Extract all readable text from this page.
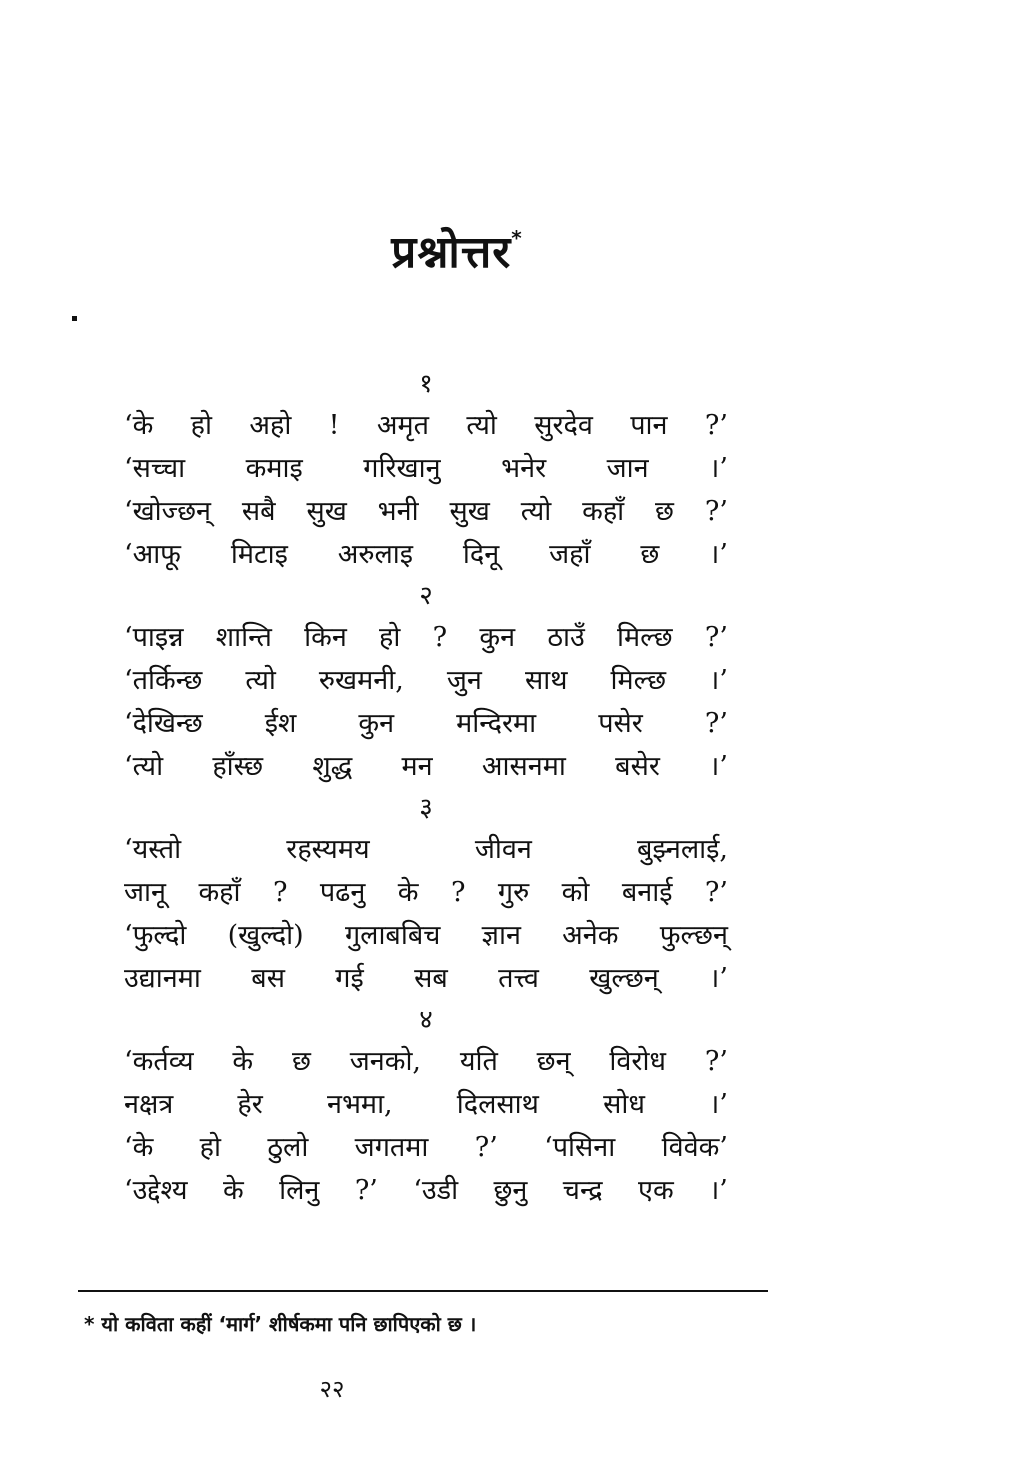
प्रश्नोत्तर*
१
‘के हो अहो ! अमृत त्यो सुरदेव पान ?’
‘सच्चा कमाइ गरिखानु भनेर जान ।’
‘खोज्छन् सबै सुख भनी सुख त्यो कहाँ छ ?’
‘आफू मिटाइ अरुलाइ दिनू जहाँ छ ।’
२
‘पाइन्न शान्ति किन हो ? कुन ठाउँ मिल्छ ?’
‘तर्किन्छ त्यो रुखमनी, जुन साथ मिल्छ ।’
‘देखिन्छ ईश कुन मन्दिरमा पसेर ?’
‘त्यो हाँस्छ शुद्ध मन आसनमा बसेर ।’
३
‘यस्तो	रहस्यमय	जीवन	बुझ्नलाई,
जानू कहाँ ? पढनु के ? गुरु को बनाई ?’
‘फुल्दो (खुल्दो) गुलाबबिच ज्ञान अनेक फुल्छन्
उद्यानमा बस गई सब तत्त्व खुल्छन् ।’
४
‘कर्तव्य के छ जनको, यति छन् विरोध ?’
नक्षत्र हेर नभमा, दिलसाथ सोध ।’
‘के हो ठुलो जगतमा ?’ ‘पसिना विवेक’
‘उद्देश्य के लिनु ?’ ‘उडी छुनु चन्द्र एक ।’
* यो कविता कहीं ‘मार्ग’ शीर्षकमा पनि छापिएको छ ।
२२
